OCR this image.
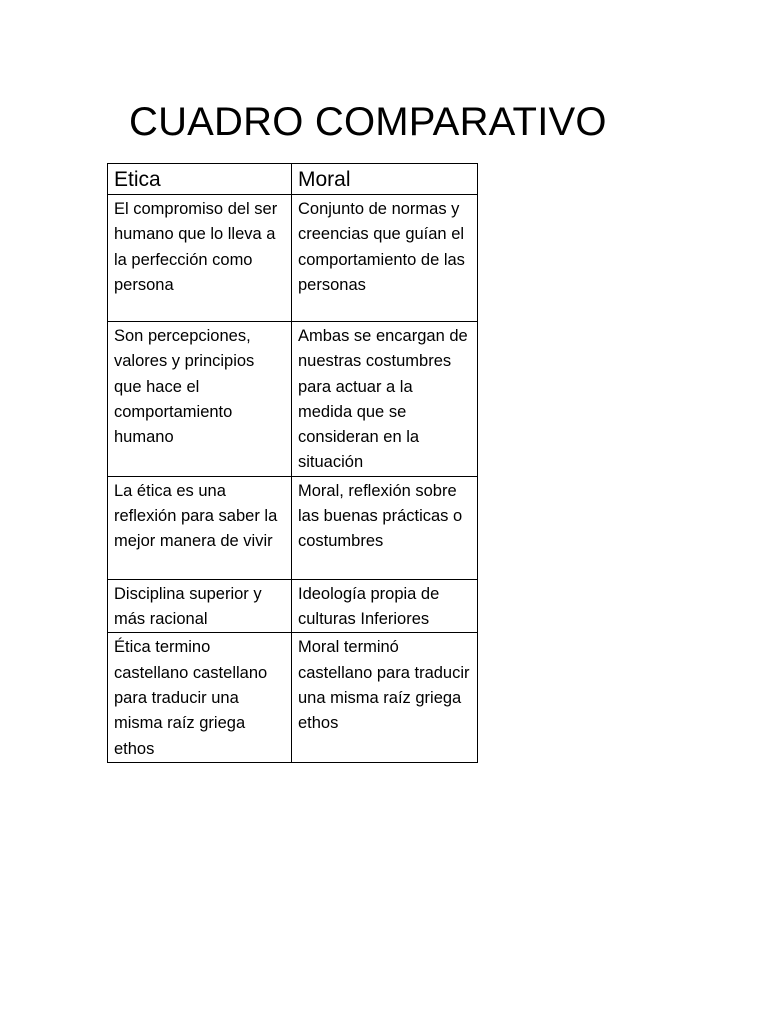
CUADRO COMPARATIVO
Etica	Moral
El compromiso del ser humano que lo lleva a la perfección como persona	Conjunto de normas y creencias que guían el comportamiento de las personas
Son percepciones, valores y principios que hace el comportamiento humano	Ambas se encargan de nuestras costumbres para actuar a la medida que se consideran en la situación
La ética es una reflexión para saber la mejor manera de vivir	Moral, reflexión sobre las buenas prácticas o costumbres
Disciplina superior y más racional	Ideología propia de culturas Inferiores
Ética termino castellano castellano para traducir una misma raíz griega ethos	Moral terminó castellano para traducir una misma raíz griega ethos
